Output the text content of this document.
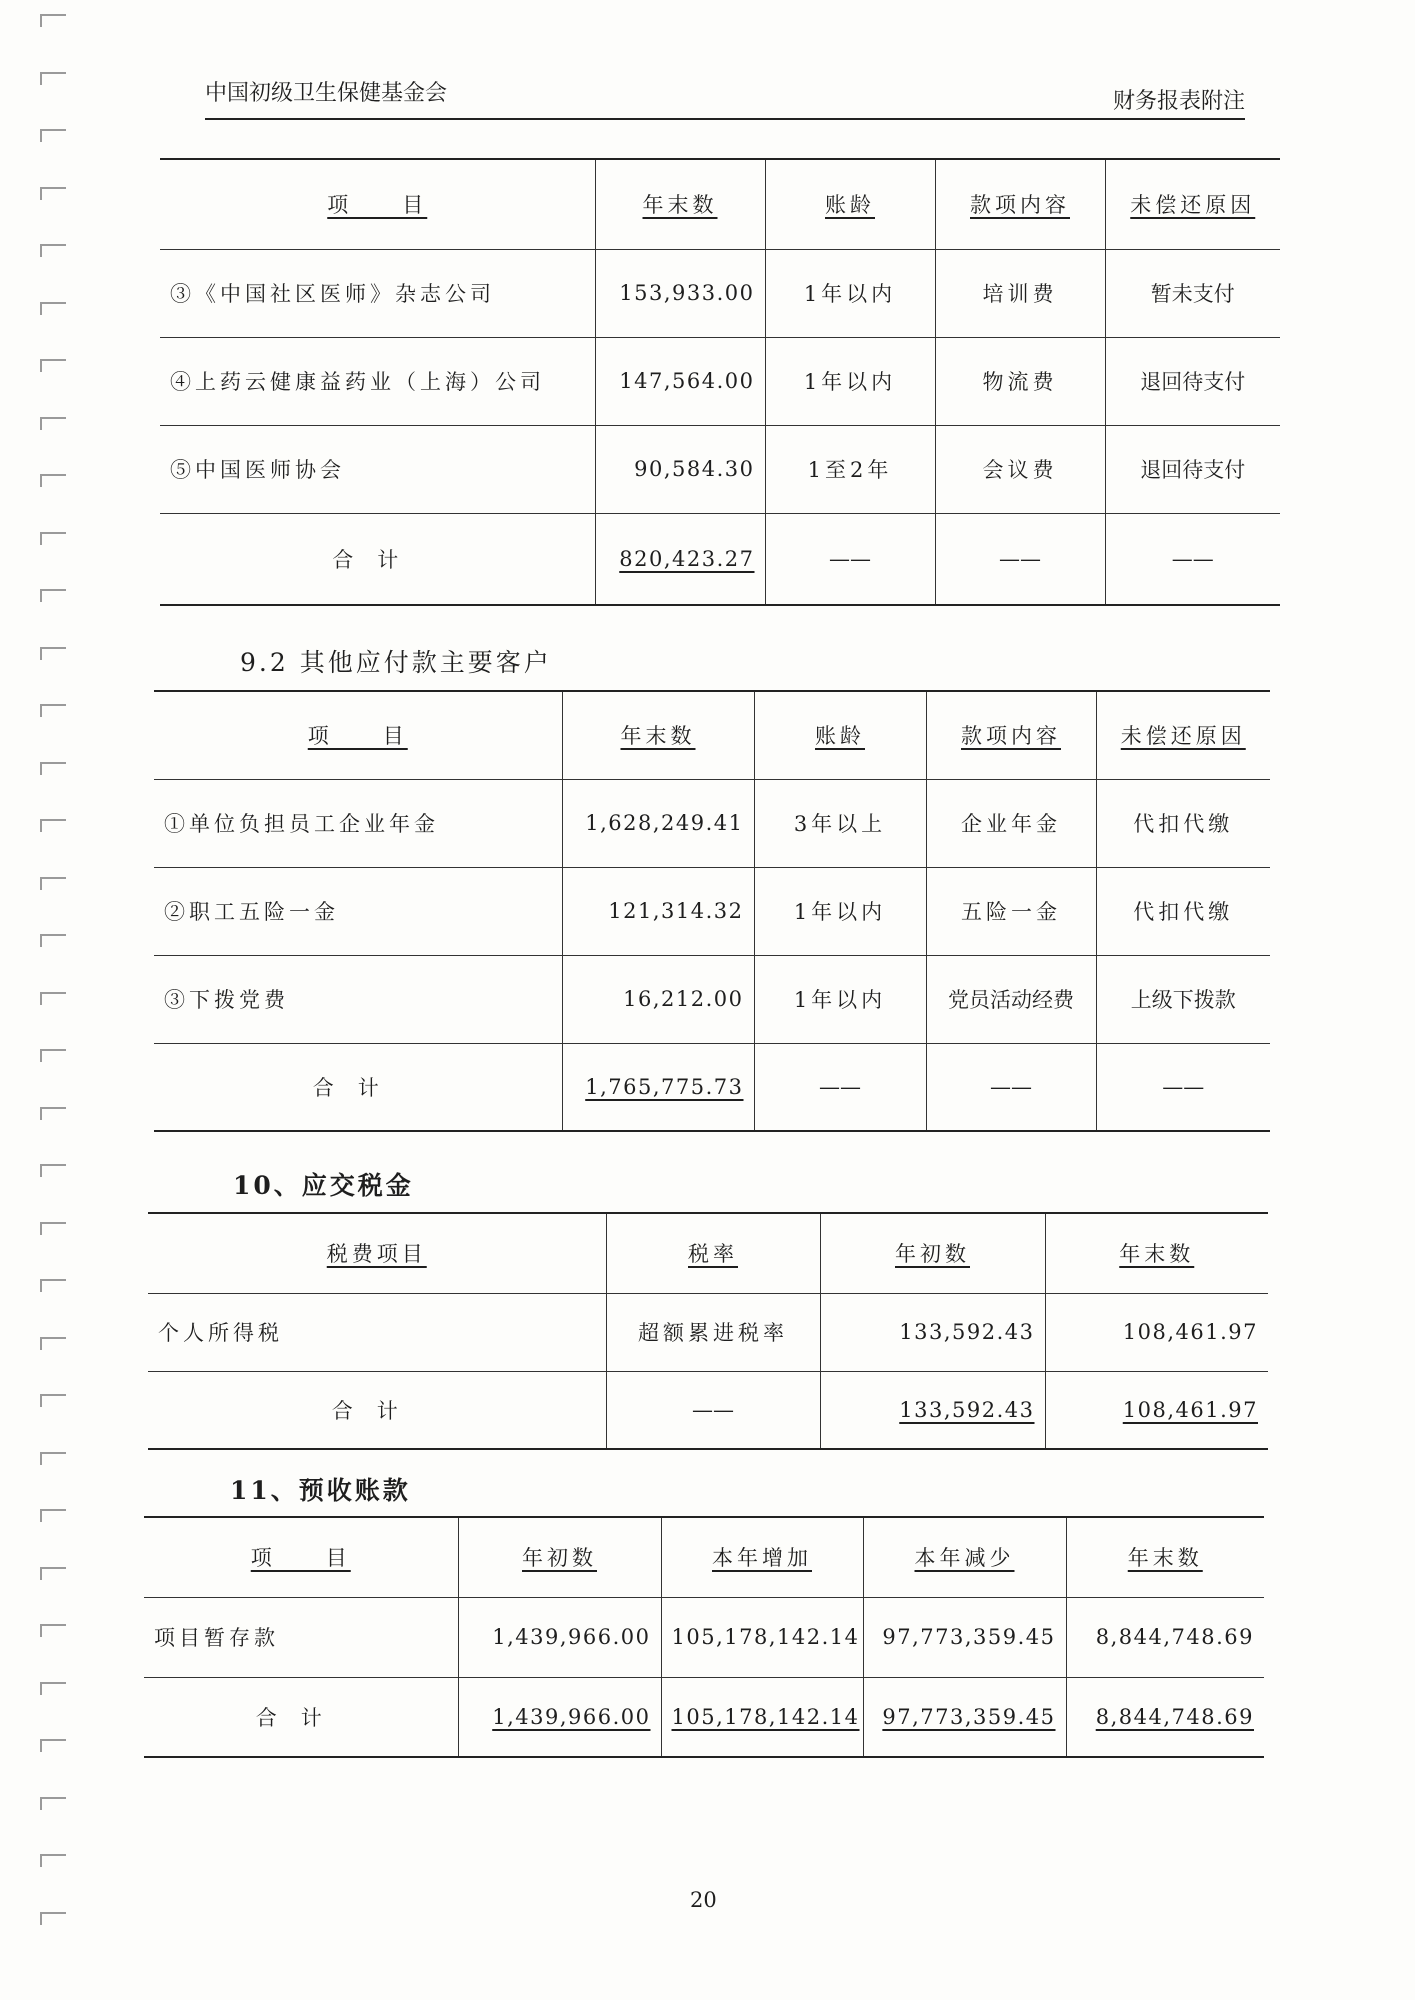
中国初级卫生保健基金会	财务报表附注
项　　目	年末数	账龄	款项内容	未偿还原因
③《中国社区医师》杂志公司	153,933.00	1年以内	培训费	暂未支付
④上药云健康益药业（上海）公司	147,564.00	1年以内	物流费	退回待支付
⑤中国医师协会	90,584.30	1至2年	会议费	退回待支付
合计	820,423.27	——	——	——
9.2 其他应付款主要客户
项　　目	年末数	账龄	款项内容	未偿还原因
①单位负担员工企业年金	1,628,249.41	3年以上	企业年金	代扣代缴
②职工五险一金	121,314.32	1年以内	五险一金	代扣代缴
③下拨党费	16,212.00	1年以内	党员活动经费	上级下拨款
合计	1,765,775.73	——	——	——
10、应交税金
税费项目	税率	年初数	年末数
个人所得税	超额累进税率	133,592.43	108,461.97
合计	——	133,592.43	108,461.97
11、预收账款
项　　目	年初数	本年增加	本年减少	年末数
项目暂存款	1,439,966.00	105,178,142.14	97,773,359.45	8,844,748.69
合计	1,439,966.00	105,178,142.14	97,773,359.45	8,844,748.69
20
